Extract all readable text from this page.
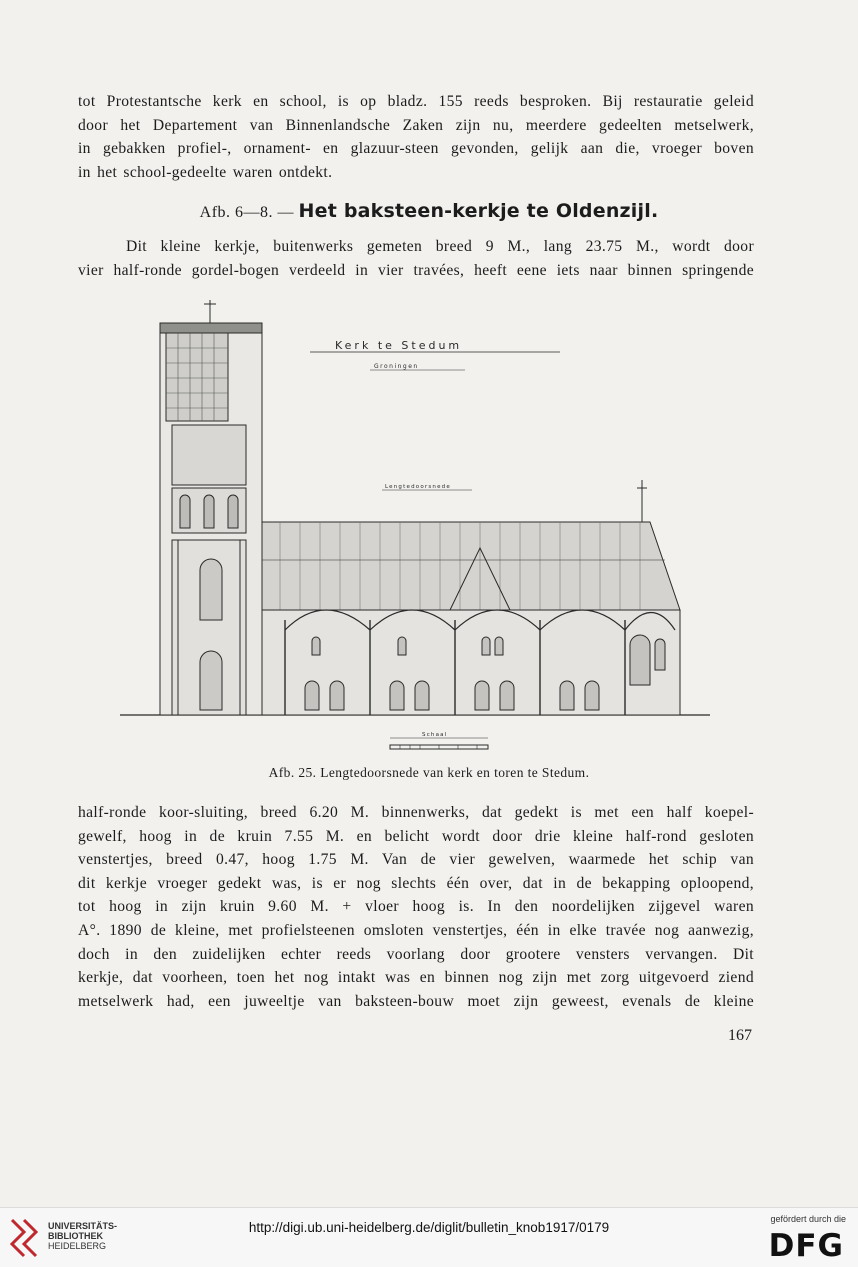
tot Protestantsche kerk en school, is op bladz. 155 reeds besproken. Bij restauratie geleid

door het Departement van Binnenlandsche Zaken zijn nu, meerdere gedeelten metselwerk,

in gebakken profiel-, ornament- en glazuur-steen gevonden, gelijk aan die, vroeger boven

in het school-gedeelte waren ontdekt.

Afb. 6—8. — Het baksteen-kerkje te Oldenzijl.

Dit kleine kerkje, buitenwerks gemeten breed 9 M., lang 23.75 M., wordt door

vier half-ronde gordel-bogen verdeeld in vier travées, heeft eene iets naar binnen springende

Kerk te Stedum
Groningen
Lengtedoorsnede
Schaal
Afb. 25. Lengtedoorsnede van kerk en toren te Stedum.

half-ronde koor-sluiting, breed 6.20 M. binnenwerks, dat gedekt is met een half koepel-

gewelf, hoog in de kruin 7.55 M. en belicht wordt door drie kleine half-rond gesloten

venstertjes, breed 0.47, hoog 1.75 M. Van de vier gewelven, waarmede het schip van

dit kerkje vroeger gedekt was, is er nog slechts één over, dat in de bekapping oploopend,

tot hoog in zijn kruin 9.60 M. + vloer hoog is. In den noordelijken zijgevel waren

A°. 1890 de kleine, met profielsteenen omsloten venstertjes, één in elke travée nog aanwezig,

doch in den zuidelijken echter reeds voorlang door grootere vensters vervangen. Dit

kerkje, dat voorheen, toen het nog intakt was en binnen nog zijn met zorg uitgevoerd ziend

metselwerk had, een juweeltje van baksteen-bouw moet zijn geweest, evenals de kleine

167
UNIVERSITÄTS-
BIBLIOTHEK
HEIDELBERG
http://digi.ub.uni-heidelberg.de/diglit/bulletin_knob1917/0179
gefördert durch die
DFG
